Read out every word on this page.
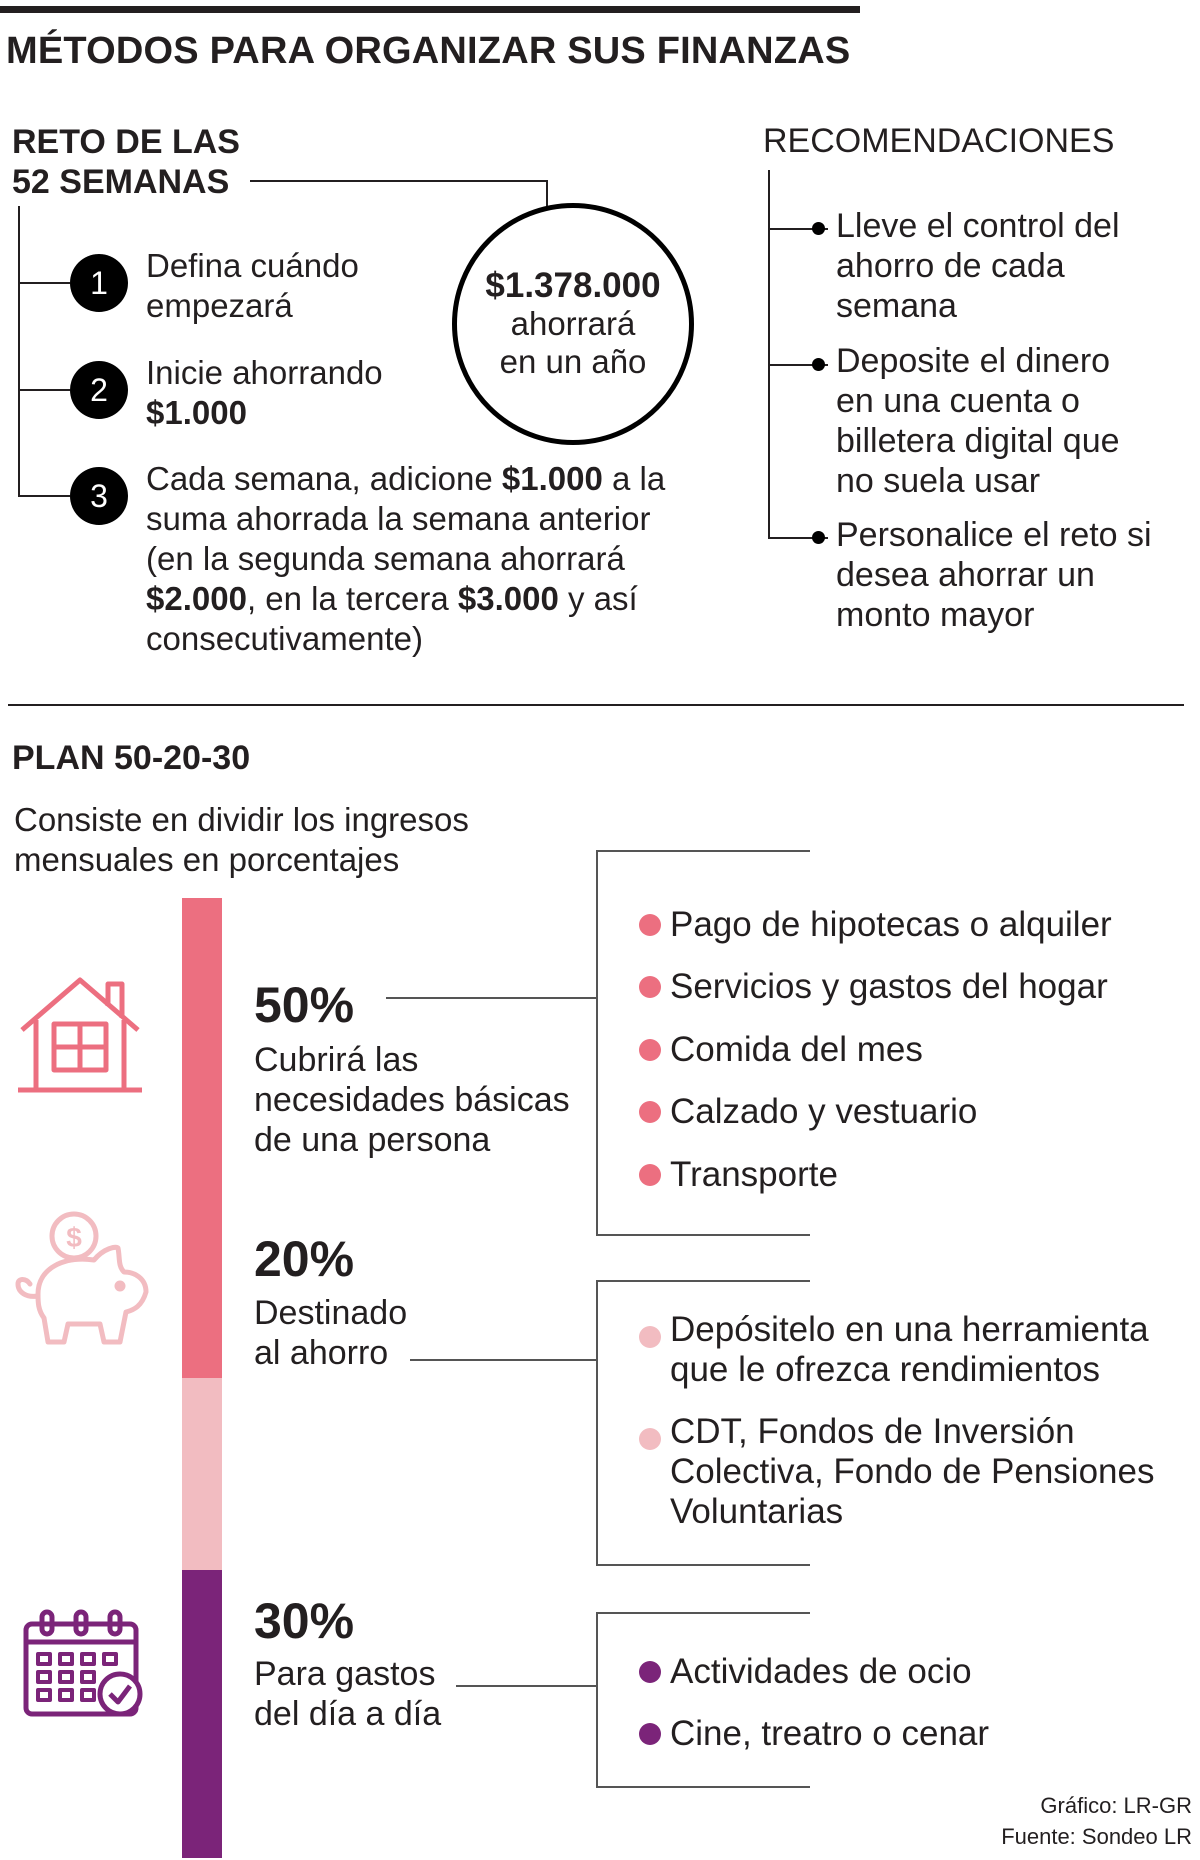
MÉTODOS PARA ORGANIZAR SUS FINANZAS
RETO DE LAS
52 SEMANAS
1	Defina cuándo
empezará
2	Inicie ahorrando
$1.000
3	Cada semana, adicione $1.000 a la
suma ahorrada la semana anterior
(en la segunda semana ahorrará
$2.000, en la tercera $3.000 y así
consecutivamente)
$1.378.000
ahorrará
en un año
RECOMENDACIONES
Lleve el control del
ahorro de cada
semana
Deposite el dinero
en una cuenta o
billetera digital que
no suela usar
Personalice el reto si
desea ahorrar un
monto mayor
PLAN 50-20-30
Consiste en dividir los ingresos
mensuales en porcentajes
$
50%
Cubrirá las
necesidades básicas
de una persona
Pago de hipotecas o alquiler
Servicios y gastos del hogar
Comida del mes
Calzado y vestuario
Transporte
20%
Destinado
al ahorro
Depósitelo en una herramienta
que le ofrezca rendimientos
CDT, Fondos de Inversión
Colectiva, Fondo de Pensiones
Voluntarias
30%
Para gastos
del día a día
Actividades de ocio
Cine, treatro o cenar
Gráfico: LR-GR
Fuente: Sondeo LR
